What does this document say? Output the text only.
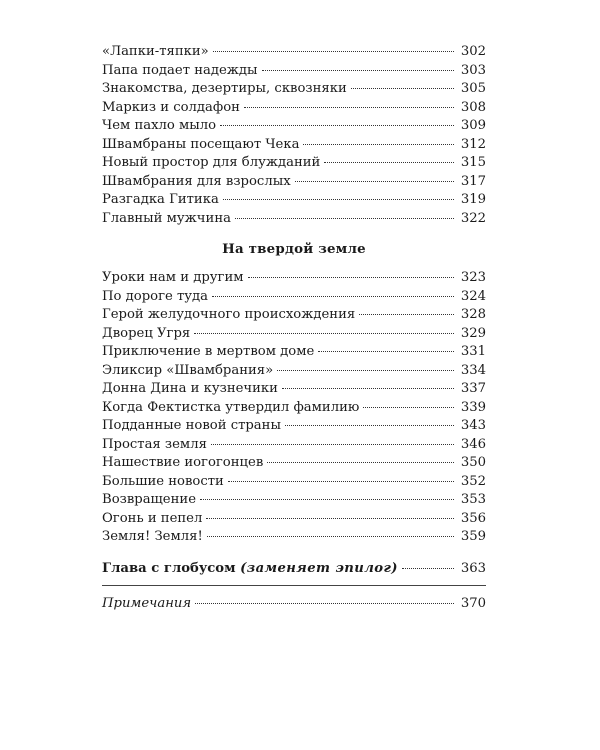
«Лапки-тяпки»	302
Папа подает надежды	303
Знакомства, дезертиры, сквозняки	305
Маркиз и солдафон	308
Чем пахло мыло	309
Швамбраны посещают Чека	312
Новый простор для блужданий	315
Швамбрания для взрослых	317
Разгадка Гитика	319
Главный мужчина	322
На твердой земле
Уроки нам и другим	323
По дороге туда	324
Герой желудочного происхождения	328
Дворец Угря	329
Приключение в мертвом доме	331
Эликсир «Швамбрания»	334
Донна Дина и кузнечики	337
Когда Фектистка утвердил фамилию	339
Подданные новой страны	343
Простая земля	346
Нашествие иогогонцев	350
Большие новости	352
Возвращение	353
Огонь и пепел	356
Земля! Земля!	359
Глава с глобусом (заменяет эпилог)	363
Примечания	370
